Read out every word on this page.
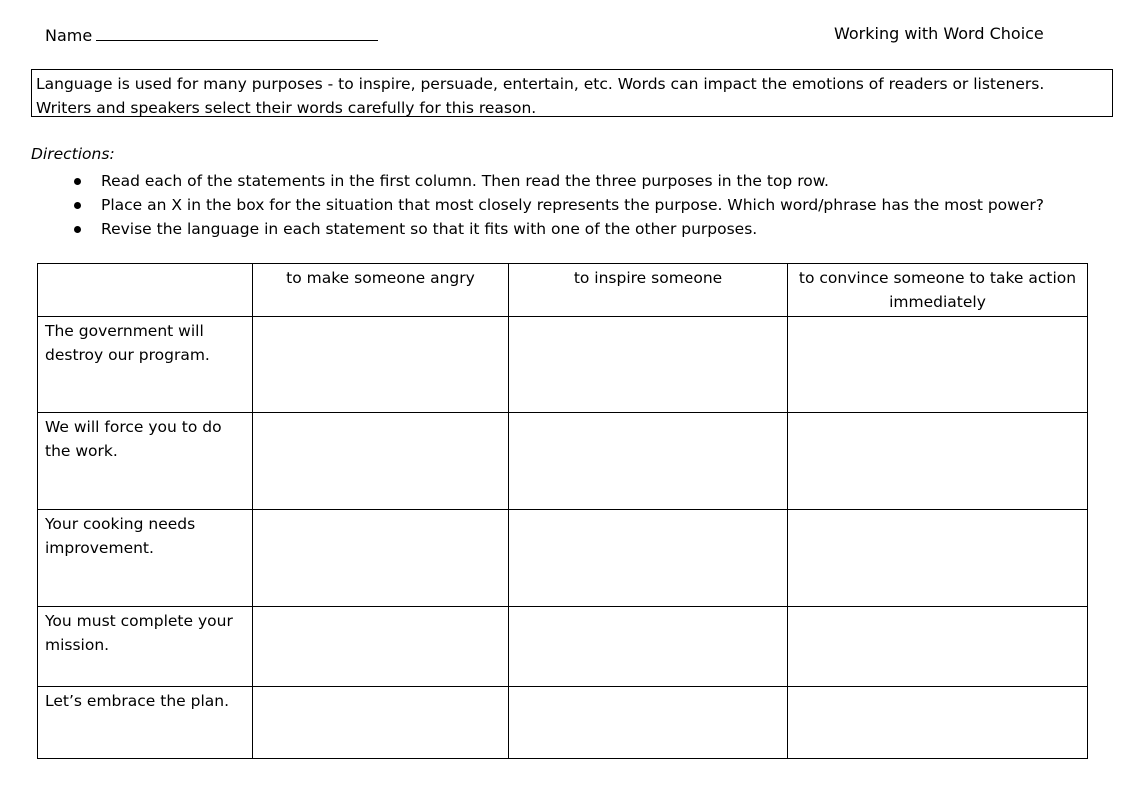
Name	Working with Word Choice

Language is used for many purposes - to inspire, persuade, entertain, etc. Words can impact the emotions of readers or listeners.

Writers and speakers select their words carefully for this reason.

Directions:
Read each of the statements in the first column. Then read the three purposes in the top row.
Place an X in the box for the situation that most closely represents the purpose. Which word/phrase has the most power?
Revise the language in each statement so that it fits with one of the other purposes.
	to make someone angry	to inspire someone	to convince someone to take action immediately
The government will destroy our program.			
We will force you to do the work.			
Your cooking needs improvement.			
You must complete your mission.			
Let’s embrace the plan.			
